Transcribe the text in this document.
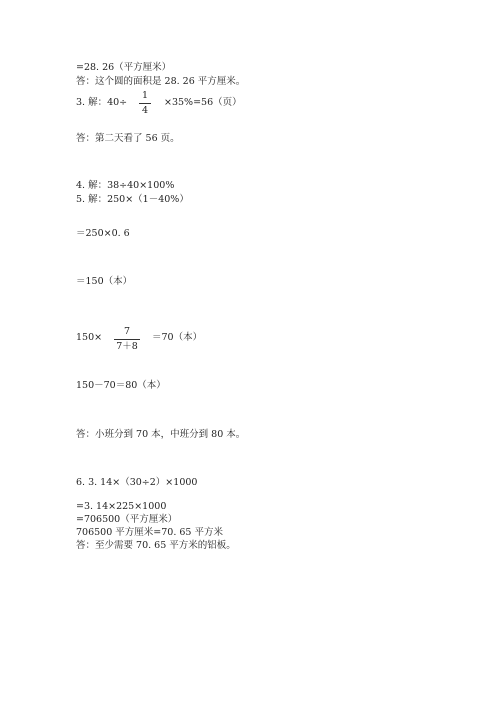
=28. 26（平方厘米）
答：这个圆的面积是 28. 26 平方厘米。
3. 解：40÷
1
4
×35%=56（页）
答：第二天看了 56 页。
4. 解：38÷40×100%
5. 解：250×（1－40%）
＝250×0. 6
＝150（本）
150×
7
7＋8
＝70（本）
150－70＝80（本）
答：小班分到 70 本，中班分到 80 本。
6. 3. 14×（30÷2）×1000
=3. 14×225×1000
=706500（平方厘米）
706500 平方厘米=70. 65 平方米
答：至少需要 70. 65 平方米的铝板。
